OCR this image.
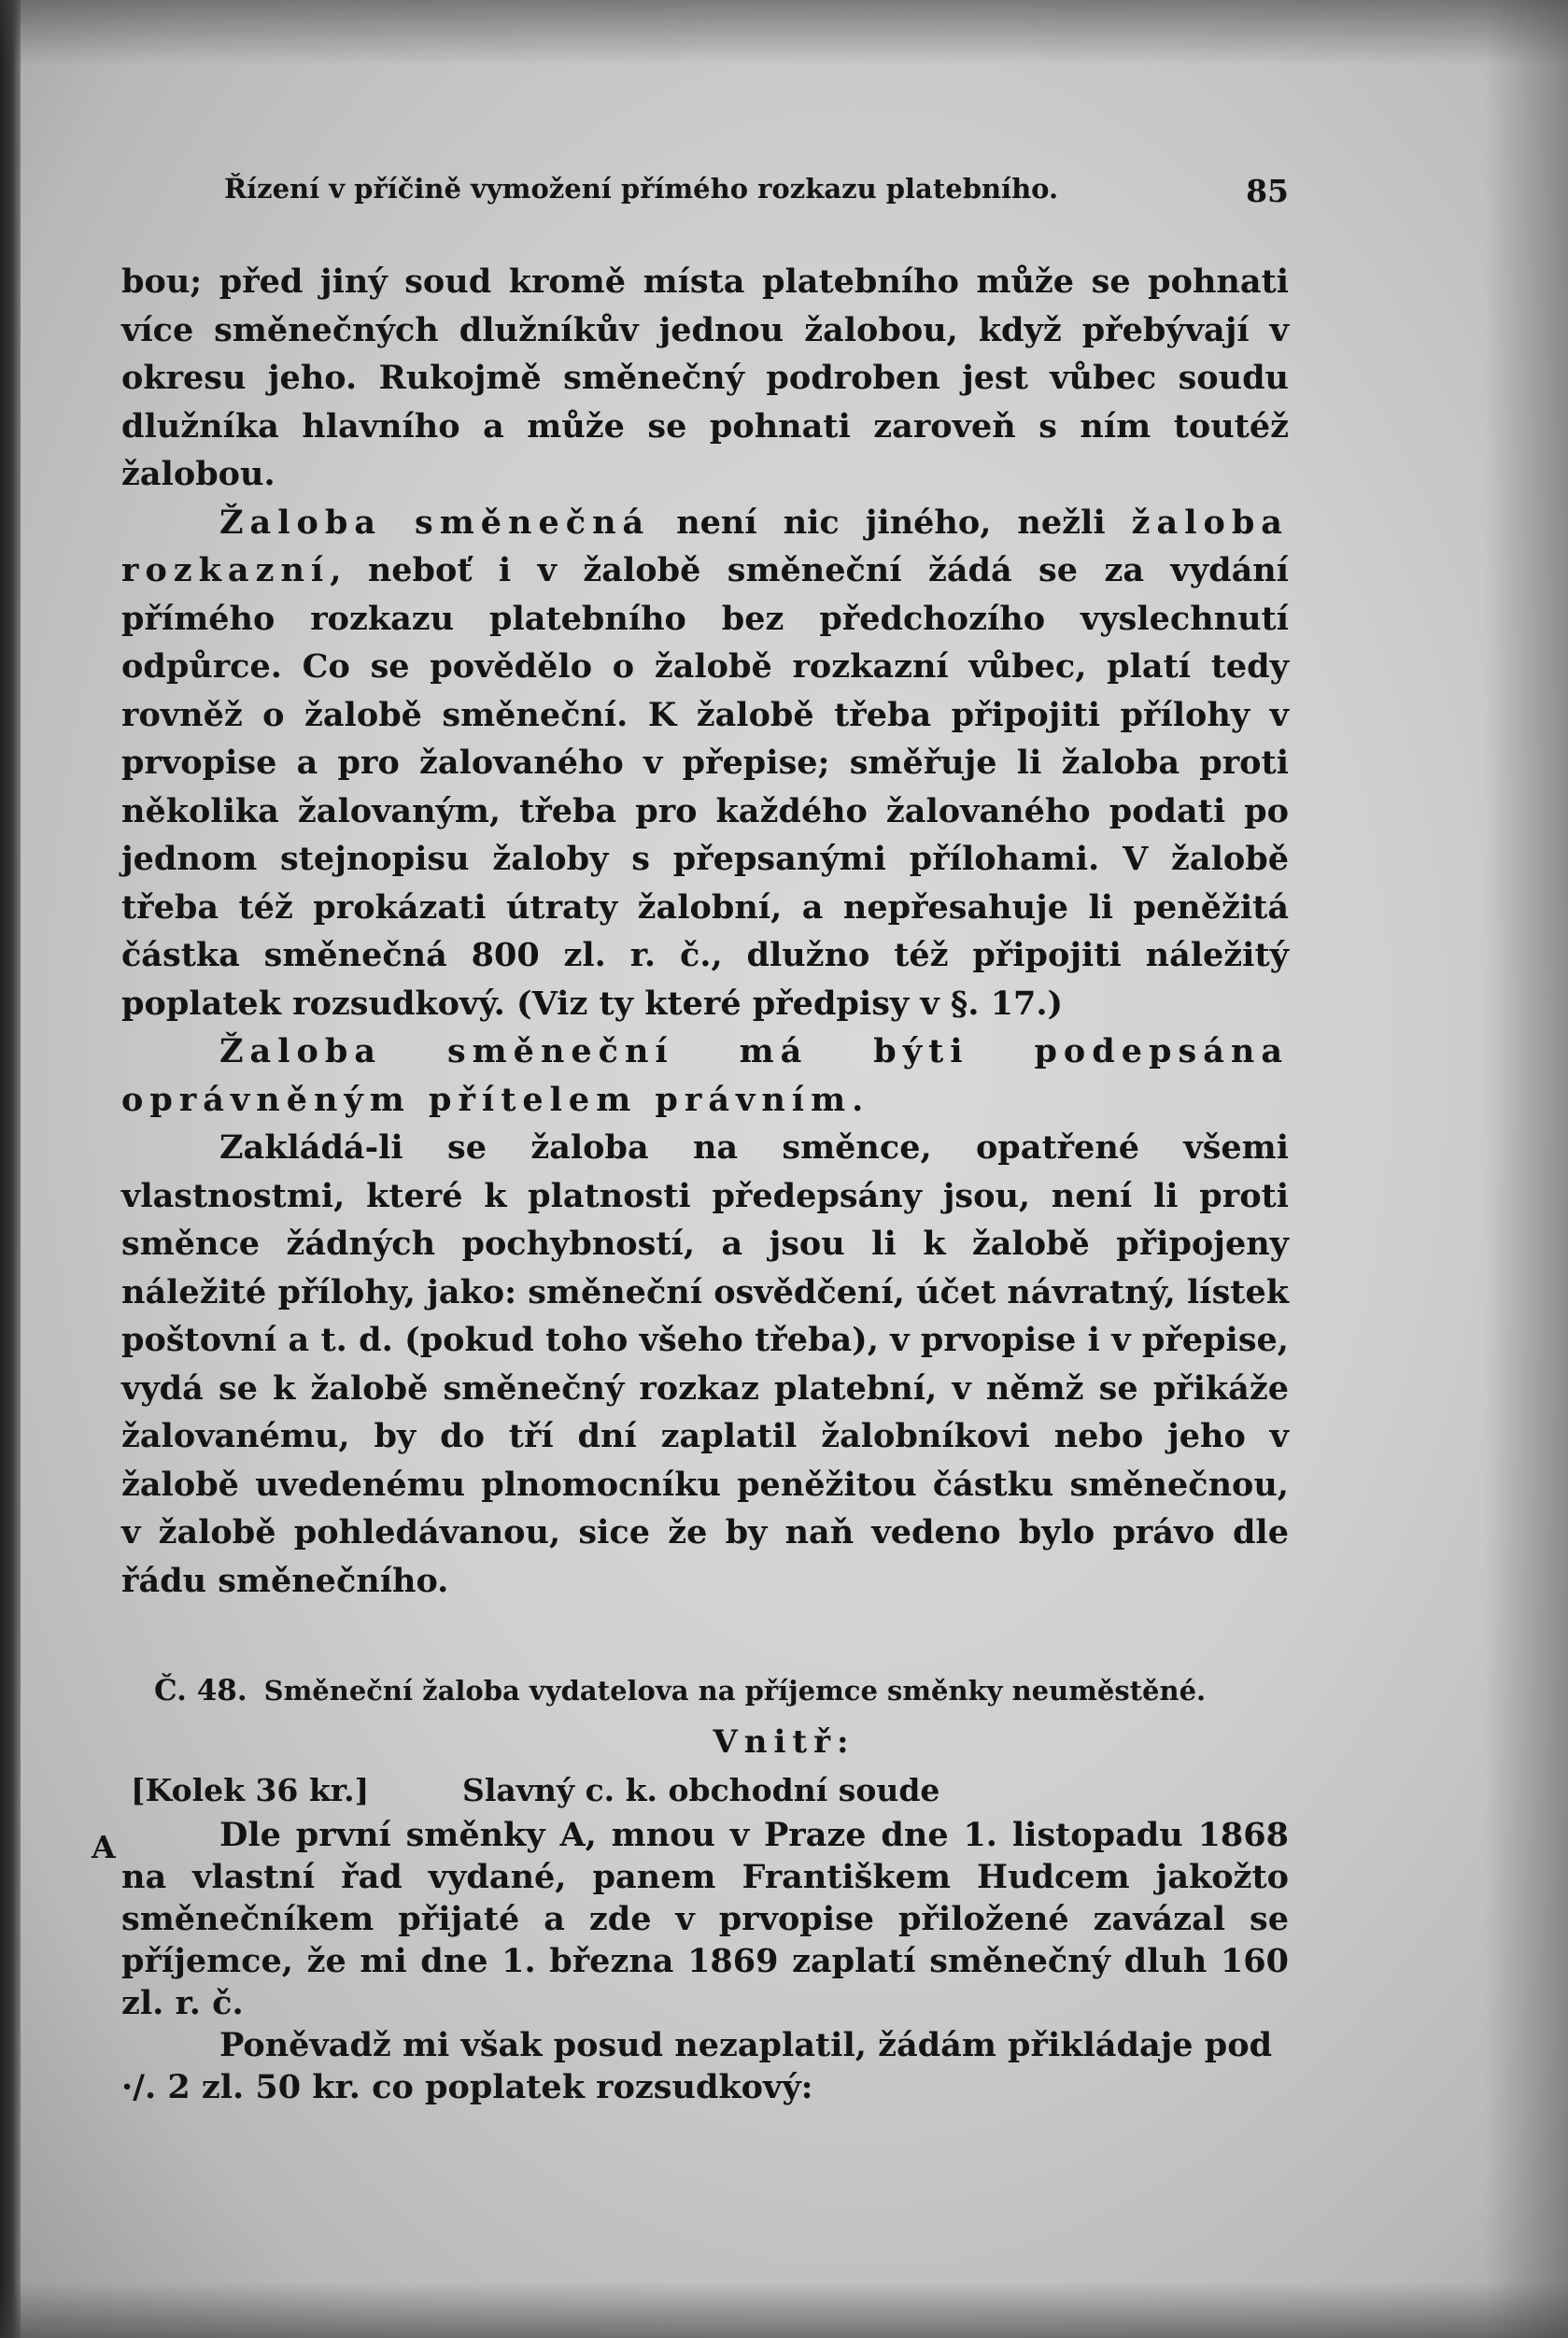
Řízení v příčině vymožení přímého rozkazu platebního.	85

bou; před jiný soud kromě místa platebního může se pohnati více směnečných dlužníkův jednou žalobou, když přebývají v okresu jeho. Rukojmě směnečný podroben jest vůbec soudu dlužníka hlavního a může se pohnati zaroveň s ním toutéž žalobou.

Žaloba směnečná není nic jiného, nežli žaloba rozkazní, neboť i v žalobě směneční žádá se za vydání přímého rozkazu platebního bez předchozího vyslechnutí odpůrce. Co se povědělo o žalobě rozkazní vůbec, platí tedy rovněž o žalobě směneční. K žalobě třeba připojiti přílohy v prvopise a pro žalovaného v přepise; směřuje li žaloba proti několika žalovaným, třeba pro každého žalovaného podati po jednom stejnopisu žaloby s přepsanými přílohami. V žalobě třeba též prokázati útraty žalobní, a nepřesahuje li peněžitá částka směnečná 800 zl. r. č., dlužno též připojiti náležitý poplatek rozsudkový. (Viz ty které předpisy v §. 17.)

Žaloba směneční má býti podepsána oprávněným přítelem právním.

Zakládá-li se žaloba na směnce, opatřené všemi vlastnostmi, které k platnosti předepsány jsou, není li proti směnce žádných pochybností, a jsou li k žalobě připojeny náležité přílohy, jako: směneční osvědčení, účet návratný, lístek poštovní a t. d. (pokud toho všeho třeba), v prvopise i v přepise, vydá se k žalobě směnečný rozkaz platební, v němž se přikáže žalovanému, by do tří dní zaplatil žalobníkovi nebo jeho v žalobě uvedenému plnomocníku peněžitou částku směnečnou, v žalobě pohledávanou, sice že by naň vedeno bylo právo dle řádu směnečního.

Č. 48. Směneční žaloba vydatelova na příjemce směnky neuměstěné.
Vnitř:
[Kolek 36 kr.]	Slavný c. k. obchodní soude
A	Dle první směnky A, mnou v Praze dne 1. listopadu 1868 na vlastní řad vydané, panem Františkem Hudcem jakožto směnečníkem přijaté a zde v prvopise přiložené zavázal se příjemce, že mi dne 1. března 1869 zaplatí směnečný dluh 160 zl. r. č.

Poněvadž mi však posud nezaplatil, žádám přikládaje pod

·/. 2 zl. 50 kr. co poplatek rozsudkový:
